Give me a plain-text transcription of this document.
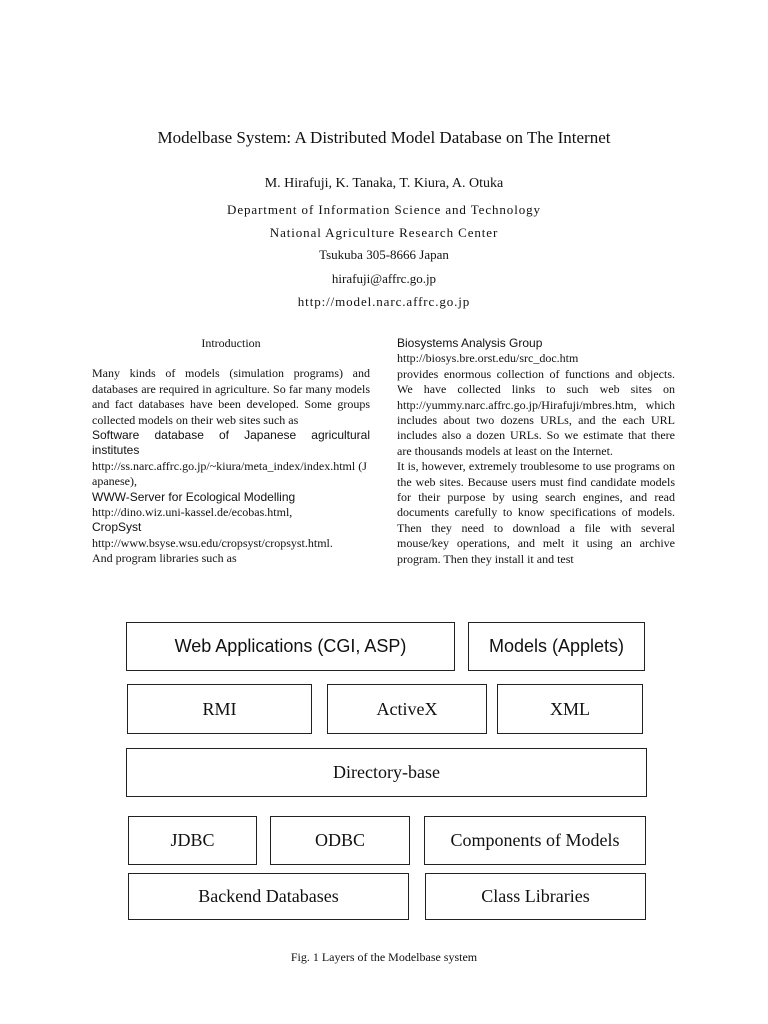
Modelbase System: A Distributed Model Database on The Internet
M. Hirafuji, K. Tanaka, T. Kiura, A. Otuka
Department of Information Science and Technology
National Agriculture Research Center
Tsukuba 305-8666 Japan
hirafuji@affrc.go.jp
http://model.narc.affrc.go.jp
Introduction

Many kinds of models (simulation programs) and databases are required in agriculture. So far many models and fact databases have been developed. Some groups collected models on their web sites such as

Software database of Japanese agricultural institutes
http://ss.narc.affrc.go.jp/~kiura/meta_index/index.html (Japanese),
WWW-Server for Ecological Modelling
http://dino.wiz.uni-kassel.de/ecobas.html,
CropSyst
http://www.bsyse.wsu.edu/cropsyst/cropsyst.html.
And program libraries such as
Biosystems Analysis Group
http://biosys.bre.orst.edu/src_doc.htm

provides enormous collection of functions and objects. We have collected links to such web sites on http://yummy.narc.affrc.go.jp/Hirafuji/mbres.htm, which includes about two dozens URLs, and the each URL includes also a dozen URLs. So we estimate that there are thousands models at least on the Internet.

It is, however, extremely troublesome to use programs on the web sites. Because users must find candidate models for their purpose by using search engines, and read documents carefully to know specifications of models. Then they need to download a file with several mouse/key operations, and melt it using an archive program. Then they install it and test

Web Applications (CGI, ASP)	Models (Applets)
RMI	ActiveX	XML
Directory-base
JDBC	ODBC	Components of Models
Backend Databases	Class Libraries
Fig. 1 Layers of the Modelbase system
